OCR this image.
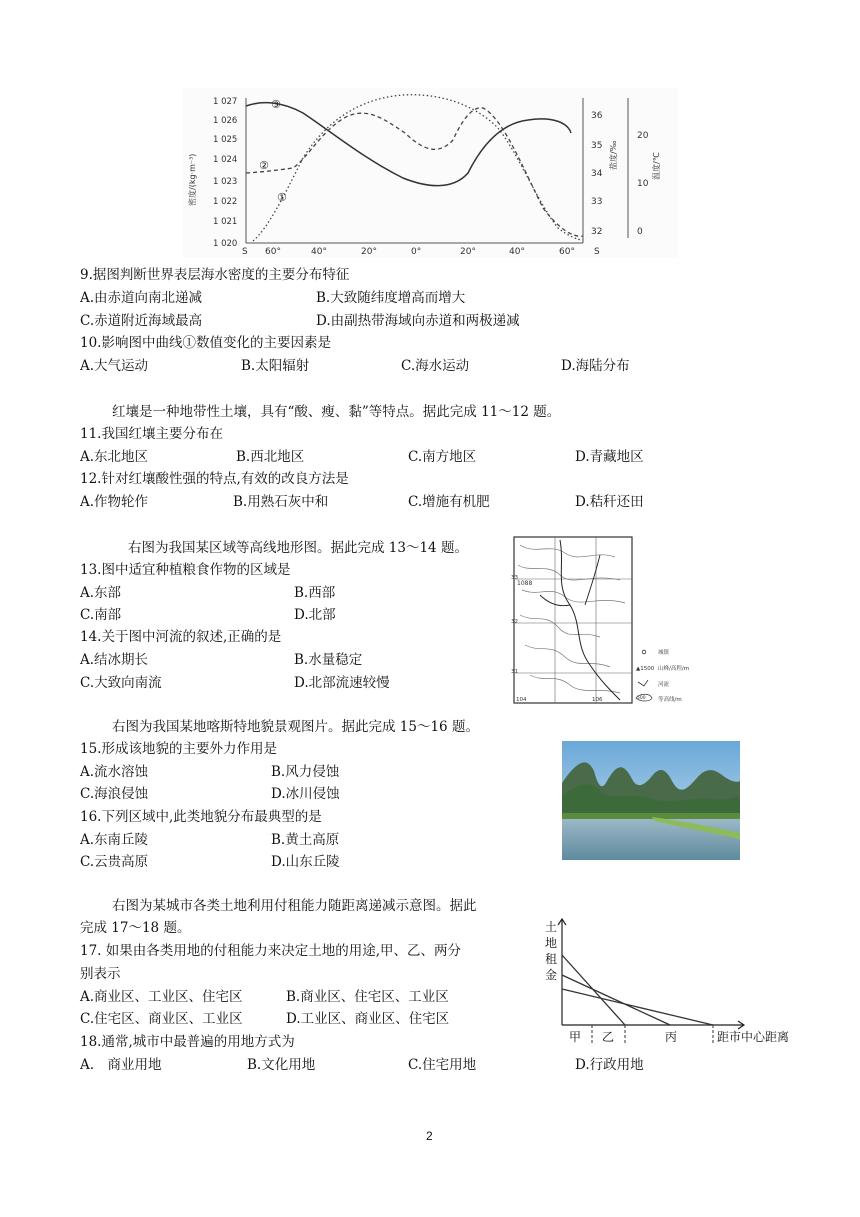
1 027
1 026
1 025
1 024
1 023
1 022
1 021
1 020
密度/(kg·m⁻³)
36
35
34
33
32
盐度/‰
20
10
0
温度/℃
S 60°	40°	20°	0°	20°	40°	60° S
③
②
①
9.据图判断世界表层海水密度的主要分布特征
A.由赤道向南北递减	B.大致随纬度增高而增大
C.赤道附近海域最高	D.由副热带海域向赤道和两极递减
10.影响图中曲线①数值变化的主要因素是
A.大气运动	B.太阳辐射	C.海水运动	D.海陆分布
红壤是一种地带性土壤，具有“酸、瘦、黏”等特点。据此完成 11～12 题。
11.我国红壤主要分布在
A.东北地区	B.西北地区	C.南方地区	D.青藏地区
12.针对红壤酸性强的特点,有效的改良方法是
A.作物轮作	B.用熟石灰中和	C.增施有机肥	D.秸秆还田
右图为我国某区域等高线地形图。据此完成 13～14 题。
13.图中适宜种植粮食作物的区域是
A.东部	B.西部
C.南部	D.北部
14.关于图中河流的叙述,正确的是
A.结冰期长	B.水量稳定
C.大致向南流	D.北部流速较慢
1088
33
32
31
104	106
城镇
▲1500 山峰/高程/m
河流
500 等高线/m
右图为我国某地喀斯特地貌景观图片。据此完成 15～16 题。
15.形成该地貌的主要外力作用是
A.流水溶蚀	B.风力侵蚀
C.海浪侵蚀	D.冰川侵蚀
16.下列区域中,此类地貌分布最典型的是
A.东南丘陵	B.黄土高原
C.云贵高原	D.山东丘陵
右图为某城市各类土地利用付租能力随距离递减示意图。据此
完成 17～18 题。
17. 如果由各类用地的付租能力来决定土地的用途,甲、乙、两分
别表示
A.商业区、工业区、住宅区	B.商业区、住宅区、工业区
C.住宅区、商业区、工业区	D.工业区、商业区、住宅区
18.通常,城市中最普遍的用地方式为
A.　商业用地	B.文化用地	C.住宅用地	D.行政用地
土
地
租
金
甲 乙	丙	距市中心距离
2
